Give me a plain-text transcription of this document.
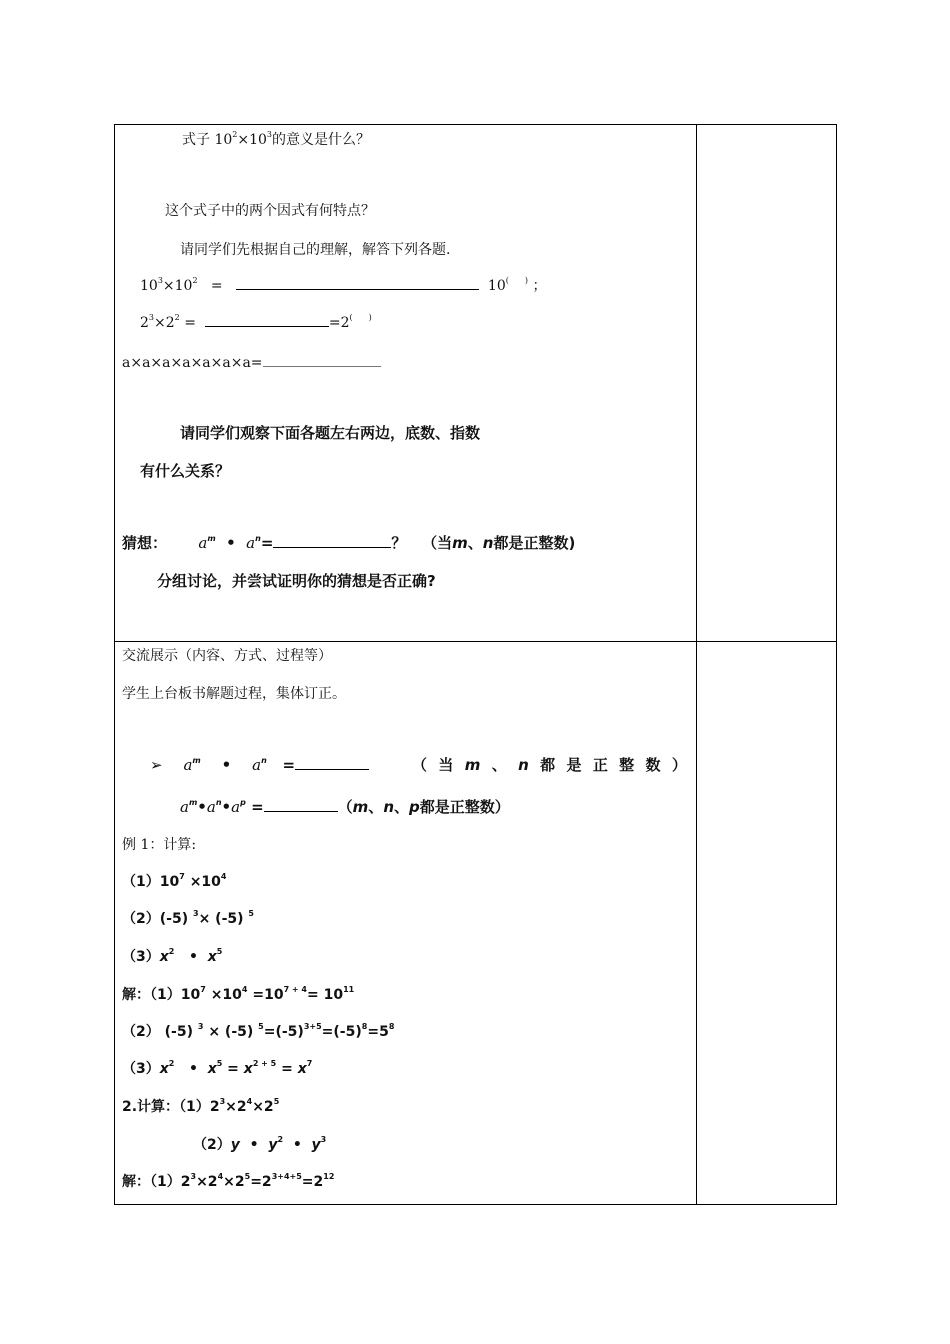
式子 $10^2\times 10^3$的意义是什么？
这个式子中的两个因式有何特点？
请同学们先根据自己的理解，解答下列各题.
$10^3\times 10^2$ =	10(　　) ；
$2^3\times 2^2$ =	=2(　　)
a×a×a×a×a×a×a=
请同学们观察下面各题左右两边，底数、指数
有什么关系？
猜想： $a^m$ • $a^n=$	？ （当m、n都是正整数)
分组讨论，并尝试证明你的猜想是否正确?
交流展示（内容、方式、过程等）
学生上台板书解题过程，集体订正。
➢ $a^m$ • $a^n$ =	（ 当 m 、 n 都 是 正 整 数 ）
$a^m•a^n•a^p$ =	（m、n、p都是正整数）
例 1：计算:
$(1)10^7 \times 10^4$
（2）(-5) $^3$× (-5) $^5$
$(3)x^2$ • $x^5$
解：$(1)10^7 \times 10^4 =10^{7 + 4}= 10^{11}$
（2） (-5) $^3$ × (-5) $^5=(-5)^{3+5}=(-5)^8=5^8$
$(3)x^2$ • $x^5 = x^{2 + 5} = x^7$
2.计算：$(1)2^3\times 2^4\times 2^5$
（2）y • $y^2$ • $y^3$
解：$(1)2^3\times 2^4\times 2^5=2^{3+4+5}=2^{12}$
